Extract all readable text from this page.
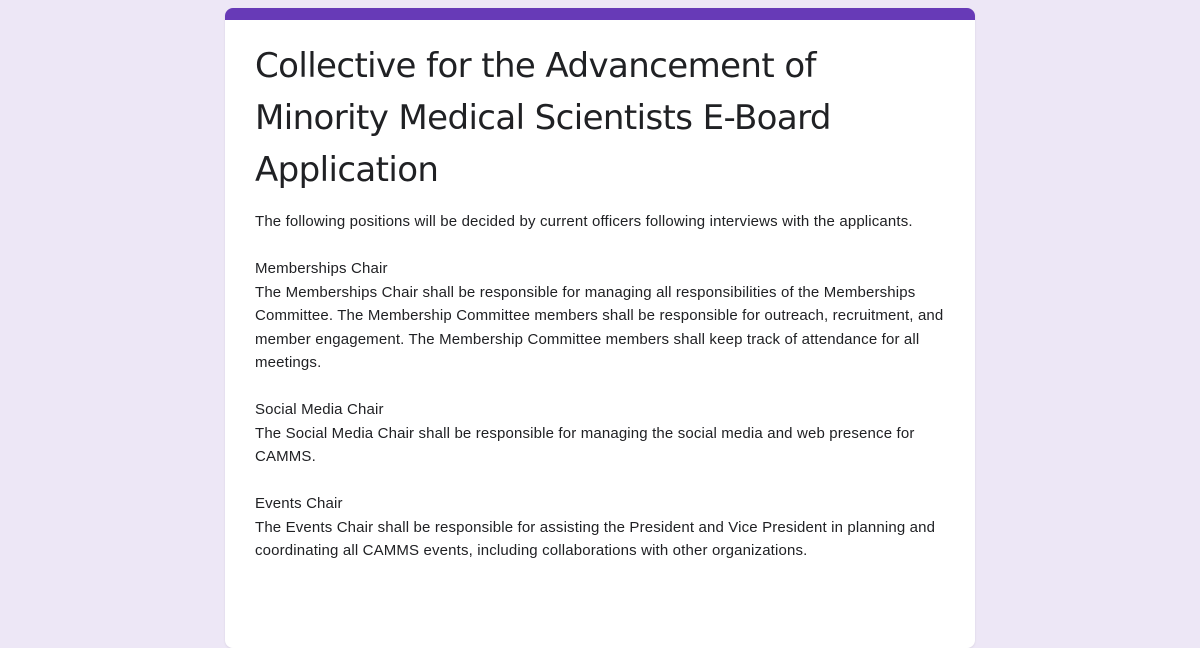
Collective for the Advancement of Minority Medical Scientists E-Board Application

The following positions will be decided by current officers following interviews with the applicants.

Memberships Chair
The Memberships Chair shall be responsible for managing all responsibilities of the Memberships Committee. The Membership Committee members shall be responsible for outreach, recruitment, and member engagement. The Membership Committee members shall keep track of attendance for all meetings.
Social Media Chair
The Social Media Chair shall be responsible for managing the social media and web presence for CAMMS.
Events Chair
The Events Chair shall be responsible for assisting the President and Vice President in planning and coordinating all CAMMS events, including collaborations with other organizations.
